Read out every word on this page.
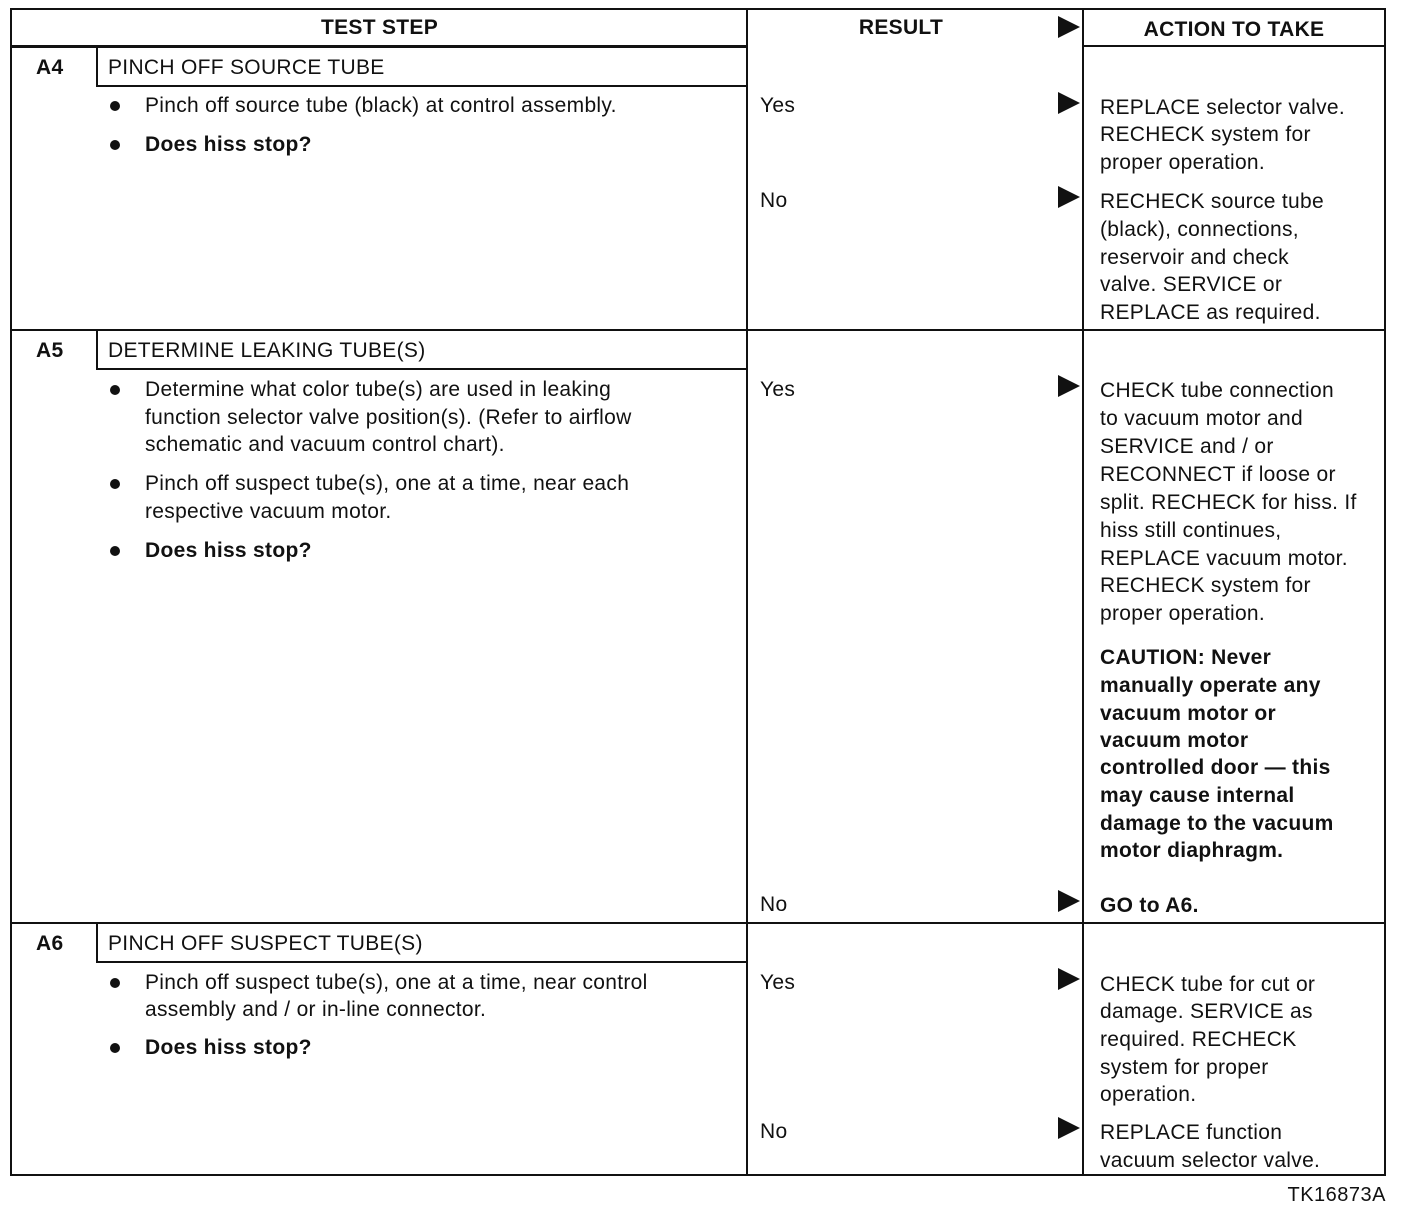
TEST STEP	RESULT	ACTION TO TAKE
A4 PINCH OFF SOURCE TUBE
Pinch off source tube (black) at control assembly.
Does hiss stop?
Yes	REPLACE selector valve.
RECHECK system for
proper operation.
No	RECHECK source tube
(black), connections,
reservoir and check
valve. SERVICE or
REPLACE as required.
A5 DETERMINE LEAKING TUBE(S)
Determine what color tube(s) are used in leaking
function selector valve position(s). (Refer to airflow
schematic and vacuum control chart).
Pinch off suspect tube(s), one at a time, near each
respective vacuum motor.
Does hiss stop?
Yes	CHECK tube connection
to vacuum motor and
SERVICE and / or
RECONNECT if loose or
split. RECHECK for hiss. If
hiss still continues,
REPLACE vacuum motor.
RECHECK system for
proper operation.
CAUTION: Never
manually operate any
vacuum motor or
vacuum motor
controlled door — this
may cause internal
damage to the vacuum
motor diaphragm.
No	GO to A6.
A6 PINCH OFF SUSPECT TUBE(S)
Pinch off suspect tube(s), one at a time, near control
assembly and / or in-line connector.
Does hiss stop?
Yes	CHECK tube for cut or
damage. SERVICE as
required. RECHECK
system for proper
operation.
No	REPLACE function
vacuum selector valve.
TK16873A
